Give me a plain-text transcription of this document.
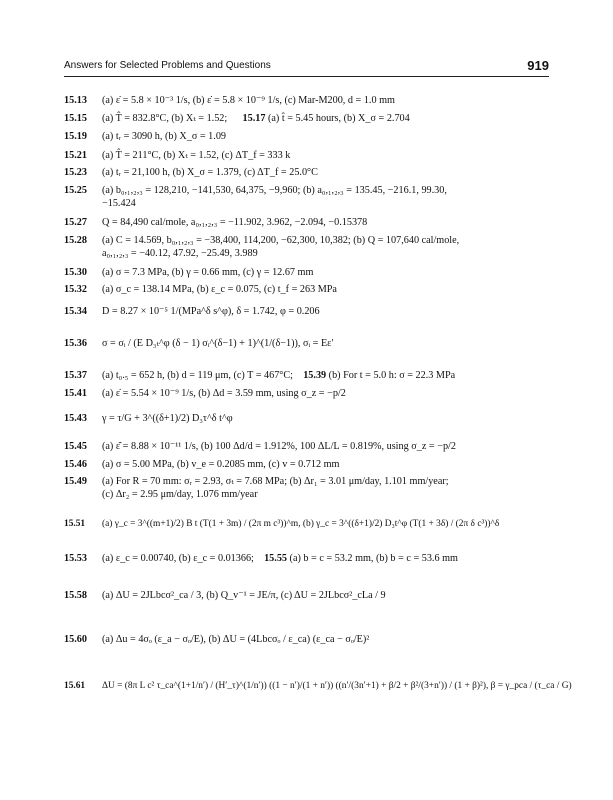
Answers for Selected Problems and Questions	919
15.13 (a) ε̇ = 5.8 × 10⁻³ 1/s, (b) ε̇ = 5.8 × 10⁻⁹ 1/s, (c) Mar-M200, d = 1.0 mm
15.15 (a) T̂ = 832.8°C, (b) Xₜ = 1.52; 15.17 (a) t̂ = 5.45 hours, (b) X_σ = 2.704
15.19 (a) tᵣ = 3090 h, (b) X_σ = 1.09
15.21 (a) T̂ = 211°C, (b) Xₜ = 1.52, (c) ΔT_f = 333 k
15.23 (a) tᵣ = 21,100 h, (b) X_σ = 1.379, (c) ΔT_f = 25.0°C
15.25 (a) b₀,₁,₂,₃ = 128,210, −141,530, 64,375, −9,960; (b) a₀,₁,₂,₃ = 135.45, −216.1, 99.30,
−15.424
15.27 Q = 84,490 cal/mole, a₀,₁,₂,₃ = −11.902, 3.962, −2.094, −0.15378
15.28 (a) C = 14.569, b₀,₁,₂,₃ = −38,400, 114,200, −62,300, 10,382; (b) Q = 107,640 cal/mole,
a₀,₁,₂,₃ = −40.12, 47.92, −25.49, 3.989
15.30 (a) σ = 7.3 MPa, (b) γ = 0.66 mm, (c) γ = 12.67 mm
15.32 (a) σ_c = 138.14 MPa, (b) ε_c = 0.075, (c) t_f = 263 MPa
15.34 D = 8.27 × 10⁻⁵ 1/(MPa^δ s^φ), δ = 1.742, φ = 0.206
15.36 σ = σᵢ / (E D₃ₜ^φ (δ − 1) σᵢ^(δ−1) + 1)^(1/(δ−1)), σᵢ = Eε′
15.37 (a) t₀.₅ = 652 h, (b) d = 119 μm, (c) T = 467°C; 15.39 (b) For t = 5.0 h: σ = 22.3 MPa
15.41 (a) ε̇ = 5.54 × 10⁻⁹ 1/s, (b) Δd = 3.59 mm, using σ_z = −p/2
15.43 γ = τ/G + 3^((δ+1)/2) D₃τ^δ t^φ
15.45 (a) ε̄̇ = 8.88 × 10⁻¹¹ 1/s, (b) 100 Δd/d = 1.912%, 100 ΔL/L = 0.819%, using σ_z = −p/2
15.46 (a) σ = 5.00 MPa, (b) v_e = 0.2085 mm, (c) v = 0.712 mm
15.49 (a) For R = 70 mm: σᵣ = 2.93, σₜ = 7.68 MPa; (b) Δr₁ = 3.01 μm/day, 1.101 mm/year;
(c) Δr₂ = 2.95 μm/day, 1.076 mm/year
15.51 (a) γ_c = 3^((m+1)/2) B t (T(1 + 3m) / (2π m c³))^m, (b) γ_c = 3^((δ+1)/2) D₃t^φ (T(1 + 3δ) / (2π δ c³))^δ
15.53 (a) ε_c = 0.00740, (b) ε_c = 0.01366; 15.55 (a) b = c = 53.2 mm, (b) b = c = 53.6 mm
15.58 (a) ΔU = 2JLbcσ²_ca / 3, (b) Q_v⁻¹ = JE/π, (c) ΔU = 2JLbcσ²_cLa / 9
15.60 (a) Δu = 4σₒ (ε_a − σₒ/E), (b) ΔU = (4Lbcσₒ / ε_ca) (ε_ca − σₒ/E)²
15.61 ΔU = (8π L c² τ_ca^(1+1/n′) / (H′_τ)^(1/n′)) ((1 − n′)/(1 + n′)) ((n′/(3n′+1) + β/2 + β²/(3+n′)) / (1 + β)²), β = γ_pca / (τ_ca / G)
